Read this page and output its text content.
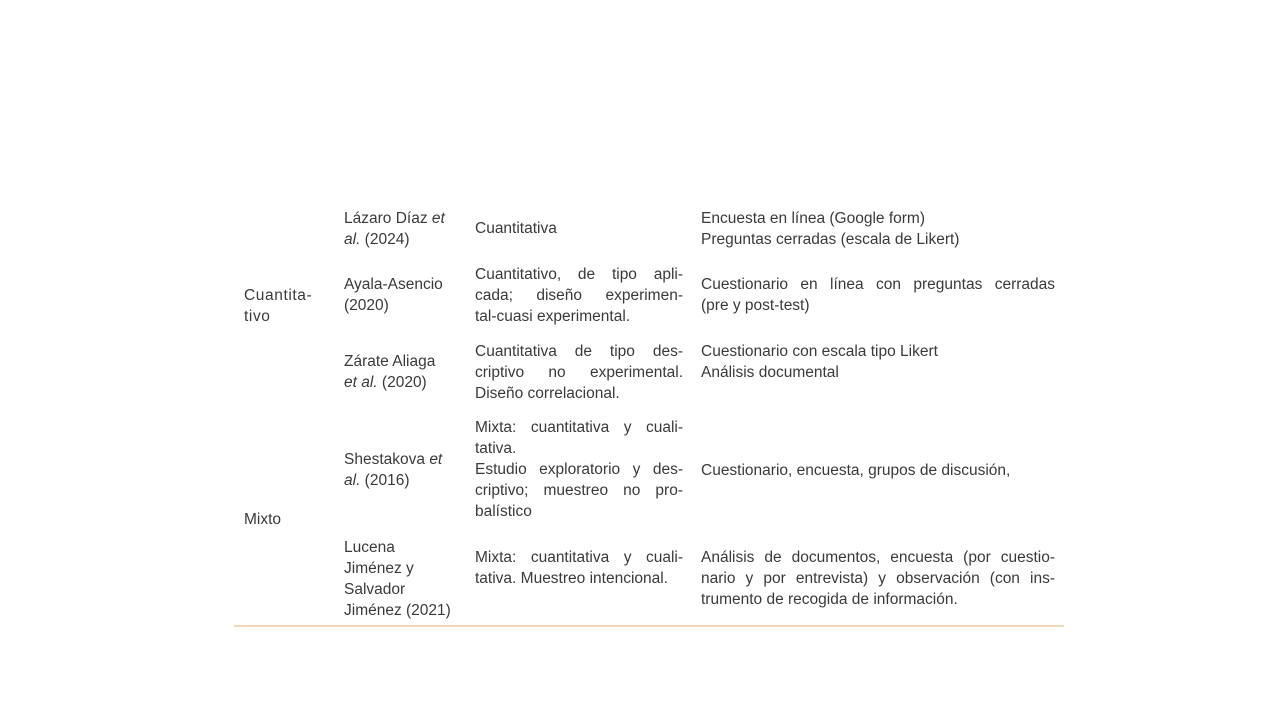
Cuantita-
tivo
Mixto
Lázaro Díaz et
al. (2024)
Cuantitativa
Encuesta en línea (Google form)
Preguntas cerradas (escala de Likert)
Ayala-Asencio
(2020)
Cuantitativo, de tipo apli-
cada; diseño experimen-
tal-cuasi experimental.
Cuestionario en línea con preguntas cerradas
(pre y post-test)
Zárate Aliaga
et al. (2020)
Cuantitativa de tipo des-
criptivo no experimental.
Diseño correlacional.
Cuestionario con escala tipo Likert
Análisis documental
Shestakova et
al. (2016)
Mixta: cuantitativa y cuali-
tativa.
Estudio exploratorio y des-
criptivo; muestreo no pro-
balístico
Cuestionario, encuesta, grupos de discusión,
Lucena
Jiménez y
Salvador
Jiménez (2021)
Mixta: cuantitativa y cuali-
tativa. Muestreo intencional.
Análisis de documentos, encuesta (por cuestio-
nario y por entrevista) y observación (con ins-
trumento de recogida de información.
